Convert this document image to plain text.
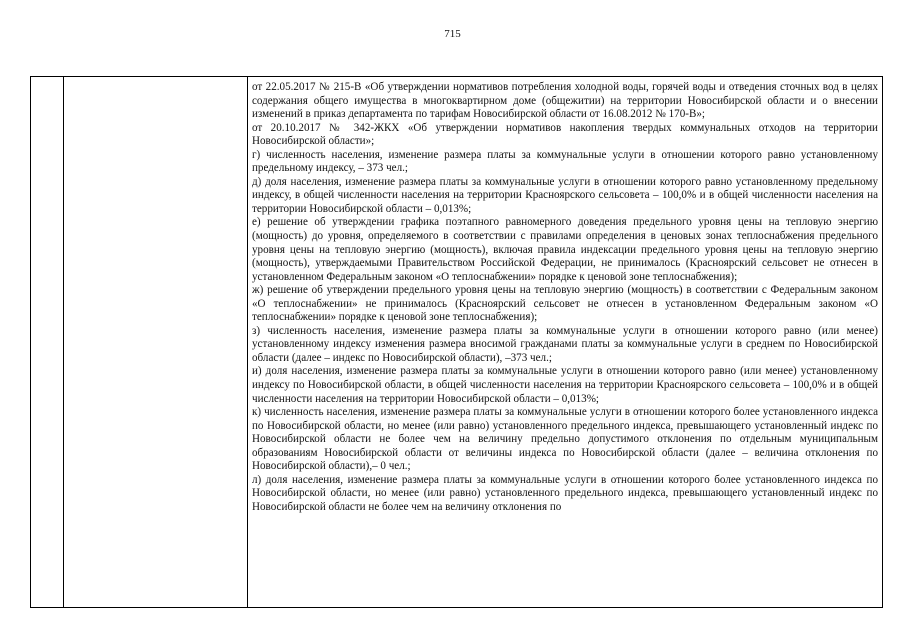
715

от 22.05.2017 № 215-В «Об утверждении нормативов потребления холодной воды, горячей воды и отведения сточных вод в целях содержания общего имущества в многоквартирном доме (общежитии) на территории Новосибирской области и о внесении изменений в приказ департамента по тарифам Новосибирской области от 16.08.2012 № 170-В»;

от 20.10.2017 № 342-ЖКХ «Об утверждении нормативов накопления твердых коммунальных отходов на территории Новосибирской области»;

г) численность населения, изменение размера платы за коммунальные услуги в отношении которого равно установленному предельному индексу, – 373 чел.;

д) доля населения, изменение размера платы за коммунальные услуги в отношении которого равно установленному предельному индексу, в общей численности населения на территории Красноярского сельсовета – 100,0% и в общей численности населения на территории Новосибирской области – 0,013%;

е) решение об утверждении графика поэтапного равномерного доведения предельного уровня цены на тепловую энергию (мощность) до уровня, определяемого в соответствии с правилами определения в ценовых зонах теплоснабжения предельного уровня цены на тепловую энергию (мощность), включая правила индексации предельного уровня цены на тепловую энергию (мощность), утверждаемыми Правительством Российской Федерации, не принималось (Красноярский сельсовет не отнесен в установленном Федеральным законом «О теплоснабжении» порядке к ценовой зоне теплоснабжения);

ж) решение об утверждении предельного уровня цены на тепловую энергию (мощность) в соответствии с Федеральным законом «О теплоснабжении» не принималось (Красноярский сельсовет не отнесен в установленном Федеральным законом «О теплоснабжении» порядке к ценовой зоне теплоснабжения);

з) численность населения, изменение размера платы за коммунальные услуги в отношении которого равно (или менее) установленному индексу изменения размера вносимой гражданами платы за коммунальные услуги в среднем по Новосибирской области (далее – индекс по Новосибирской области), –373 чел.;

и) доля населения, изменение размера платы за коммунальные услуги в отношении которого равно (или менее) установленному индексу по Новосибирской области, в общей численности населения на территории Красноярского сельсовета – 100,0% и в общей численности населения на территории Новосибирской области – 0,013%;

к) численность населения, изменение размера платы за коммунальные услуги в отношении которого более установленного индекса по Новосибирской области, но менее (или равно) установленного предельного индекса, превышающего установленный индекс по Новосибирской области не более чем на величину предельно допустимого отклонения по отдельным муниципальным образованиям Новосибирской области от величины индекса по Новосибирской области (далее – величина отклонения по Новосибирской области),– 0 чел.;

л) доля населения, изменение размера платы за коммунальные услуги в отношении которого более установленного индекса по Новосибирской области, но менее (или равно) установленного предельного индекса, превышающего установленный индекс по Новосибирской области не более чем на величину отклонения по
